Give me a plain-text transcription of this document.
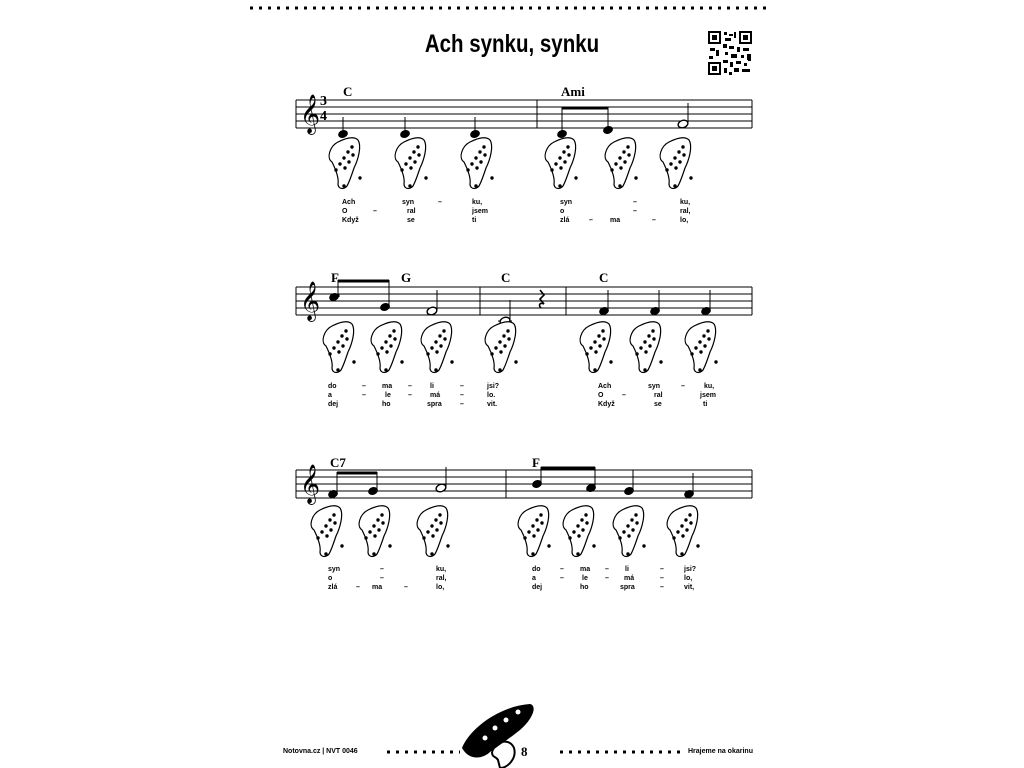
Ach synku, synku
𝄞
𝄞
𝄞
3
4
C	Ami
F	G	C	C
C7	F
Ach	syn	–	ku,	syn	–	ku,
O	–	ral	jsem	o	–	ral,
Když	se	ti	zlá	– ma	–	lo,
do	– ma –	li	–	jsi?	Ach	syn	–	ku,
a	–	le –	má	–	lo.	O	–	ral	jsem
dej	ho	spra	–	vit.	Když	se	ti
syn	–	ku,	do	– ma – li	–	jsi?
o	–	ral,	a	–	le – má	–	lo,
zlá	– ma	–	lo,	dej	ho	spra	–	vit,
Notovna.cz | NVT 0046	8	Hrajeme na okarinu
